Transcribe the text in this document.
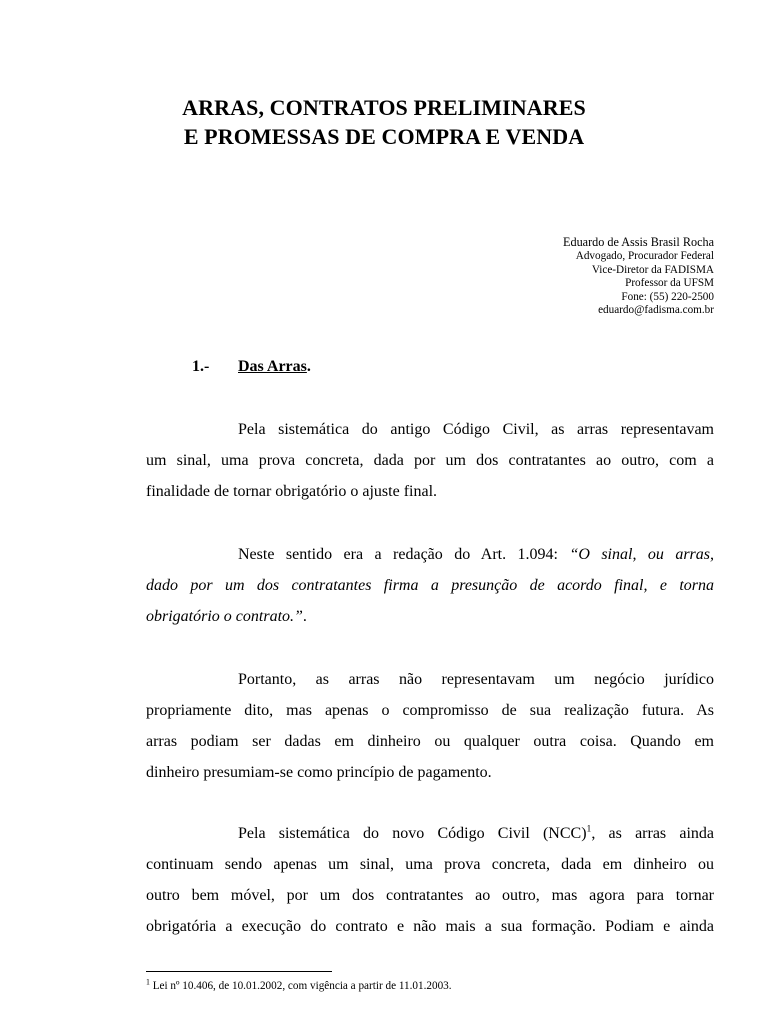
ARRAS, CONTRATOS PRELIMINARES
E PROMESSAS DE COMPRA E VENDA
Eduardo de Assis Brasil Rocha
Advogado, Procurador Federal
Vice-Diretor da FADISMA
Professor da UFSM
Fone: (55) 220-2500
eduardo@fadisma.com.br
1.- Das Arras.
Pela sistemática do antigo Código Civil, as arras representavam
um sinal, uma prova concreta, dada por um dos contratantes ao outro, com a
finalidade de tornar obrigatório o ajuste final.
Neste sentido era a redação do Art. 1.094: “O sinal, ou arras,
dado por um dos contratantes firma a presunção de acordo final, e torna
obrigatório o contrato.”.
Portanto, as arras não representavam um negócio jurídico
propriamente dito, mas apenas o compromisso de sua realização futura. As
arras podiam ser dadas em dinheiro ou qualquer outra coisa. Quando em
dinheiro presumiam-se como princípio de pagamento.
Pela sistemática do novo Código Civil (NCC)$^1$, as arras ainda
continuam sendo apenas um sinal, uma prova concreta, dada em dinheiro ou
outro bem móvel, por um dos contratantes ao outro, mas agora para tornar
obrigatória a execução do contrato e não mais a sua formação. Podiam e ainda
$^1$ Lei nº 10.406, de 10.01.2002, com vigência a partir de 11.01.2003.
